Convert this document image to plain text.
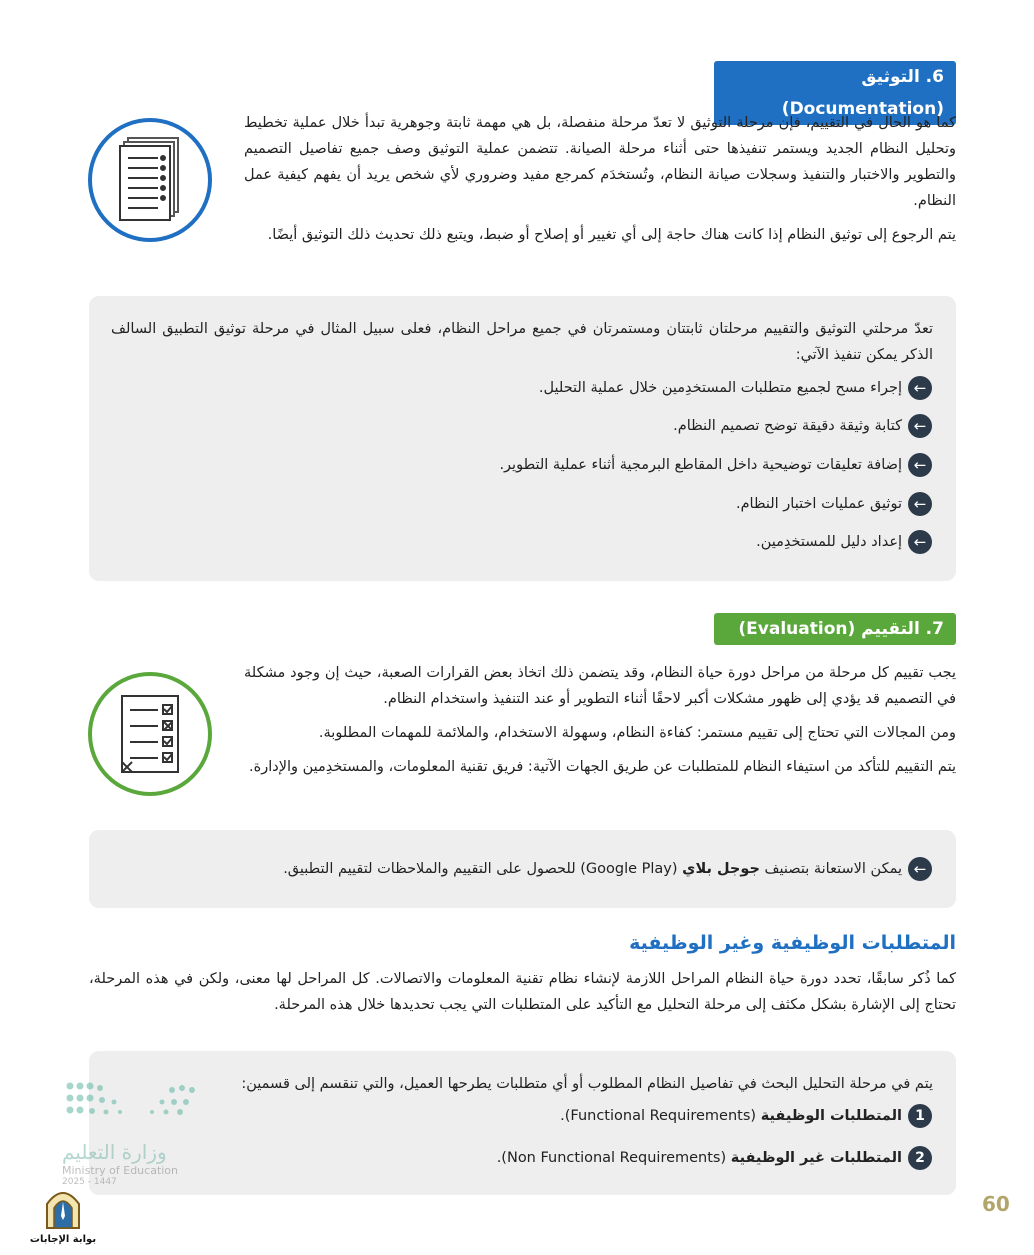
6. التوثيق (Documentation)
كما هو الحال في التقييم، فإن مرحلة التوثيق لا تعدّ مرحلة منفصلة، بل هي مهمة ثابتة وجوهرية تبدأ خلال عملية تخطيط وتحليل النظام الجديد ويستمر تنفيذها حتى أثناء مرحلة الصيانة. تتضمن عملية التوثيق وصف جميع تفاصيل التصميم والتطوير والاختبار والتنفيذ وسجلات صيانة النظام، وتُستخدَم كمرجع مفيد وضروري لأي شخص يريد أن يفهم كيفية عمل النظام.
يتم الرجوع إلى توثيق النظام إذا كانت هناك حاجة إلى أي تغيير أو إصلاح أو ضبط، ويتبع ذلك تحديث ذلك التوثيق أيضًا.
تعدّ مرحلتي التوثيق والتقييم مرحلتان ثابتتان ومستمرتان في جميع مراحل النظام، فعلى سبيل المثال في مرحلة توثيق التطبيق السالف الذكر يمكن تنفيذ الآتي:
←
إجراء مسح لجميع متطلبات المستخدِمين خلال عملية التحليل.
←
كتابة وثيقة دقيقة توضح تصميم النظام.
←
إضافة تعليقات توضيحية داخل المقاطع البرمجية أثناء عملية التطوير.
←
توثيق عمليات اختبار النظام.
←
إعداد دليل للمستخدِمين.
7. التقييم (Evaluation)
يجب تقييم كل مرحلة من مراحل دورة حياة النظام، وقد يتضمن ذلك اتخاذ بعض القرارات الصعبة، حيث إن وجود مشكلة في التصميم قد يؤدي إلى ظهور مشكلات أكبر لاحقًا أثناء التطوير أو عند التنفيذ واستخدام النظام.
ومن المجالات التي تحتاج إلى تقييم مستمر: كفاءة النظام، وسهولة الاستخدام، والملائمة للمهمات المطلوبة.
يتم التقييم للتأكد من استيفاء النظام للمتطلبات عن طريق الجهات الآتية: فريق تقنية المعلومات، والمستخدِمين والإدارة.
←
يمكن الاستعانة بتصنيف جوجل بلاي (Google Play) للحصول على التقييم والملاحظات لتقييم التطبيق.
المتطلبات الوظيفية وغير الوظيفية
كما ذُكر سابقًا، تحدد دورة حياة النظام المراحل اللازمة لإنشاء نظام تقنية المعلومات والاتصالات. كل المراحل لها معنى، ولكن في هذه المرحلة، تحتاج إلى الإشارة بشكل مكثف إلى مرحلة التحليل مع التأكيد على المتطلبات التي يجب تحديدها خلال هذه المرحلة.
يتم في مرحلة التحليل البحث في تفاصيل النظام المطلوب أو أي متطلبات يطرحها العميل، والتي تنقسم إلى قسمين:
1
المتطلبات الوظيفية (Functional Requirements).
2
المتطلبات غير الوظيفية (Non Functional Requirements).
وزارة التعليم
Ministry of Education
2025 - 1447
بوابة الإجابات
60
